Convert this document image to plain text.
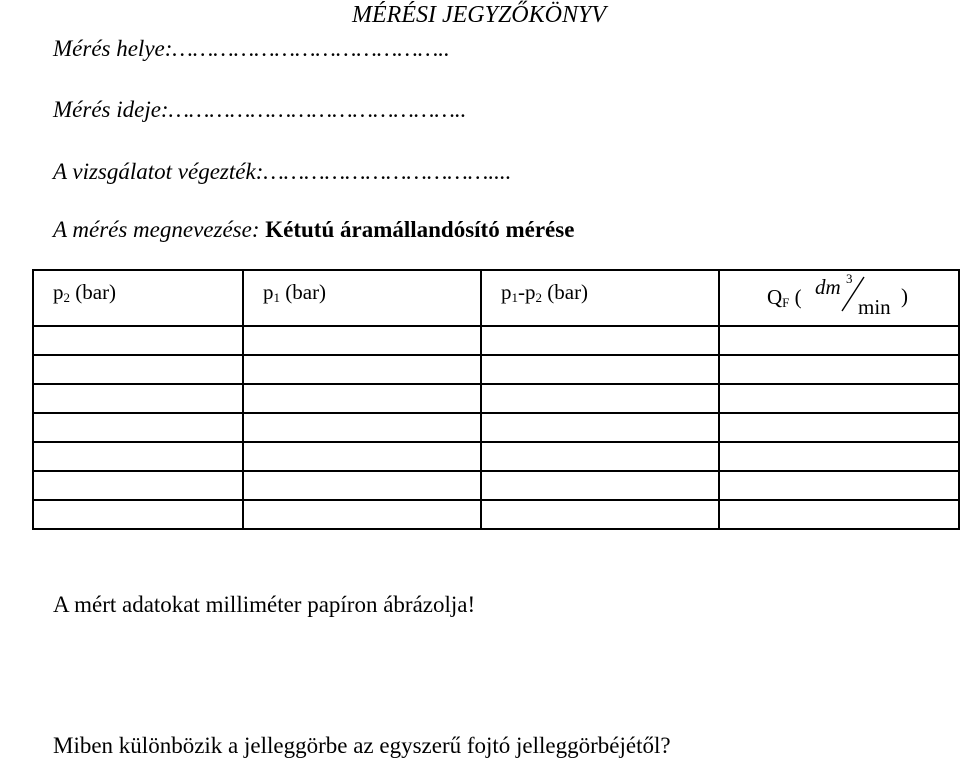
MÉRÉSI JEGYZŐKÖNYV
Mérés helye:…………………………………..
Mérés ideje:……………………………………..
A vizsgálatot végezték:……………………………....
A mérés megnevezése: Kétutú áramállandósító mérése
$p_2$ (bar)	$p_1$ (bar)	$p_1-p_2$ (bar)	$Q_F$ ( dm 3
min )

A mért adatokat milliméter papíron ábrázolja!
Miben különbözik a jelleggörbe az egyszerű fojtó jelleggörbéjétől?
